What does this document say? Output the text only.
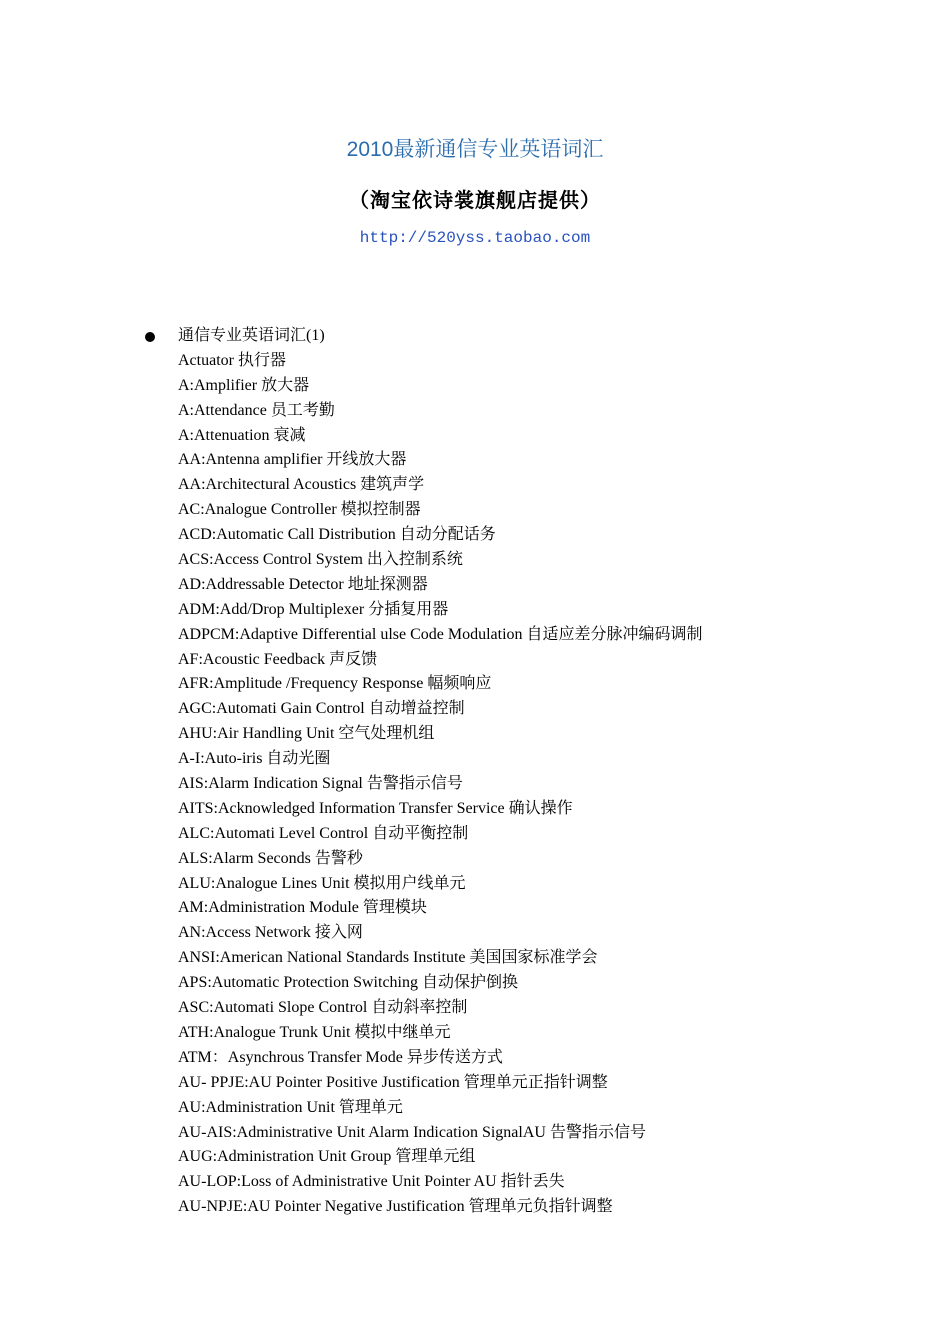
2010最新通信专业英语词汇
（淘宝依诗裳旗舰店提供）
http://520yss.taobao.com
通信专业英语词汇(1)
Actuator 执行器
A:Amplifier 放大器
A:Attendance 员工考勤
A:Attenuation 衰减
AA:Antenna amplifier 开线放大器
AA:Architectural Acoustics 建筑声学
AC:Analogue Controller 模拟控制器
ACD:Automatic Call Distribution 自动分配话务
ACS:Access Control System 出入控制系统
AD:Addressable Detector 地址探测器
ADM:Add/Drop Multiplexer 分插复用器
ADPCM:Adaptive Differential ulse Code Modulation 自适应差分脉冲编码调制
AF:Acoustic Feedback 声反馈
AFR:Amplitude /Frequency Response 幅频响应
AGC:Automati Gain Control 自动增益控制
AHU:Air Handling Unit 空气处理机组
A-I:Auto-iris 自动光圈
AIS:Alarm Indication Signal 告警指示信号
AITS:Acknowledged Information Transfer Service 确认操作
ALC:Automati Level Control 自动平衡控制
ALS:Alarm Seconds 告警秒
ALU:Analogue Lines Unit 模拟用户线单元
AM:Administration Module 管理模块
AN:Access Network 接入网
ANSI:American National Standards Institute 美国国家标准学会
APS:Automatic Protection Switching 自动保护倒换
ASC:Automati Slope Control 自动斜率控制
ATH:Analogue Trunk Unit 模拟中继单元
ATM：Asynchrous Transfer Mode 异步传送方式
AU- PPJE:AU Pointer Positive Justification 管理单元正指针调整
AU:Administration Unit 管理单元
AU-AIS:Administrative Unit Alarm Indication SignalAU 告警指示信号
AUG:Administration Unit Group 管理单元组
AU-LOP:Loss of Administrative Unit Pointer AU 指针丢失
AU-NPJE:AU Pointer Negative Justification 管理单元负指针调整
